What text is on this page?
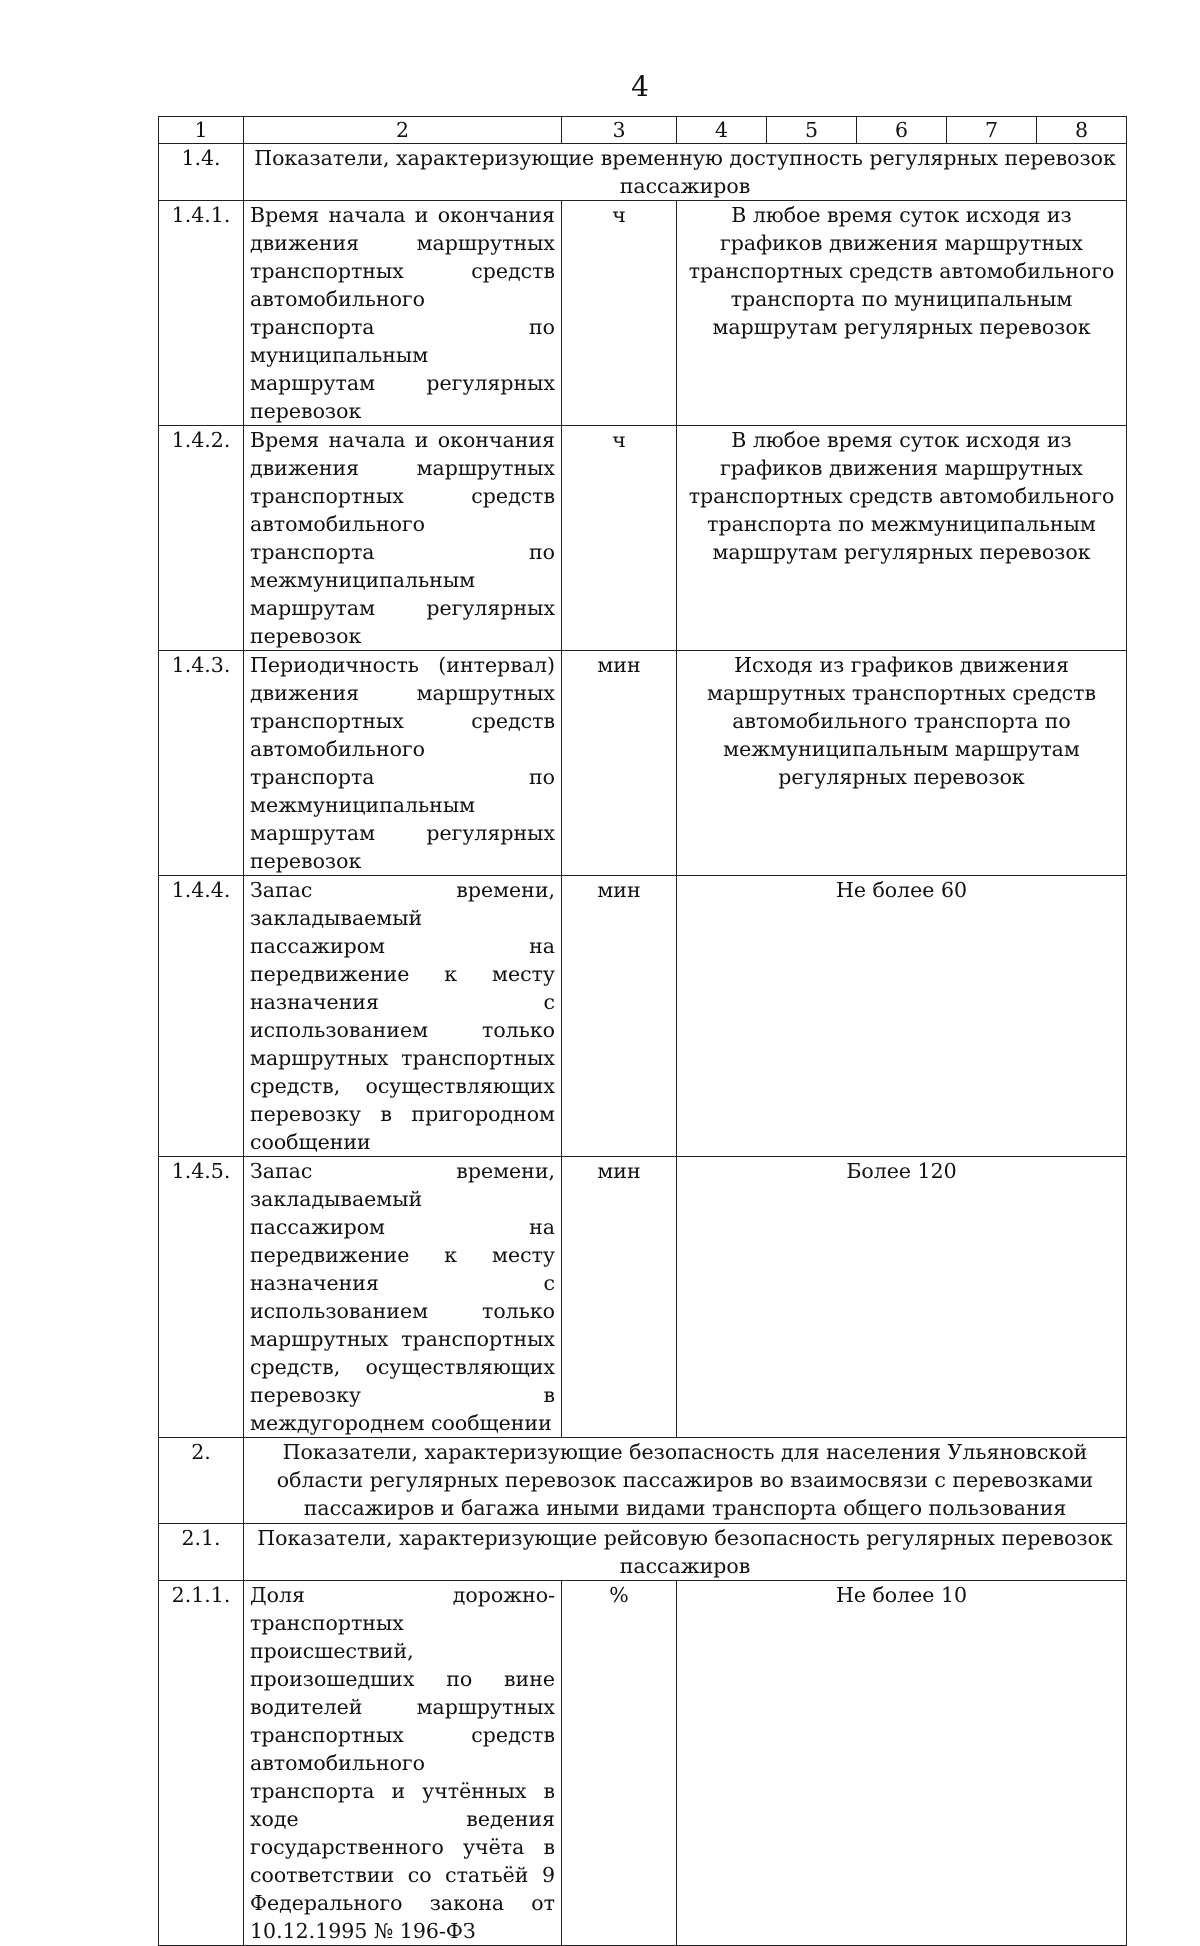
4
1	2	3	4	5	6	7	8
1.4.	Показатели, характеризующие временную доступность регулярных перевозок пассажиров						
1.4.1.	Время начала и окончания движения маршрутных транспортных средств автомобильного транспорта по муниципальным маршрутам регулярных перевозок	ч	В любое время суток исходя из графиков движения маршрутных транспортных средств автомобильного транспорта по муниципальным маршрутам регулярных перевозок				
1.4.2.	Время начала и окончания движения маршрутных транспортных средств автомобильного транспорта по межмуниципальным маршрутам регулярных перевозок	ч	В любое время суток исходя из графиков движения маршрутных транспортных средств автомобильного транспорта по межмуниципальным маршрутам регулярных перевозок				
1.4.3.	Периодичность (интервал) движения маршрутных транспортных средств автомобильного транспорта по межмуниципальным маршрутам регулярных перевозок	мин	Исходя из графиков движения маршрутных транспортных средств автомобильного транспорта по межмуниципальным маршрутам регулярных перевозок				
1.4.4.	Запас времени, закладываемый пассажиром на передвижение к месту назначения с использованием только маршрутных транспортных средств, осуществляющих перевозку в пригородном сообщении	мин	Не более 60				
1.4.5.	Запас времени, закладываемый пассажиром на передвижение к месту назначения с использованием только маршрутных транспортных средств, осуществляющих перевозку в междугороднем сообщении	мин	Более 120				
2.	Показатели, характеризующие безопасность для населения Ульяновской области регулярных перевозок пассажиров во взаимосвязи с перевозками пассажиров и багажа иными видами транспорта общего пользования						
2.1.	Показатели, характеризующие рейсовую безопасность регулярных перевозок пассажиров						
2.1.1.	Доля дорожно-транспортных происшествий, произошедших по вине водителей маршрутных транспортных средств автомобильного транспорта и учтённых в ходе ведения государственного учёта в соответствии со статьёй 9 Федерального закона от 10.12.1995 № 196-ФЗ	%	Не более 10				
